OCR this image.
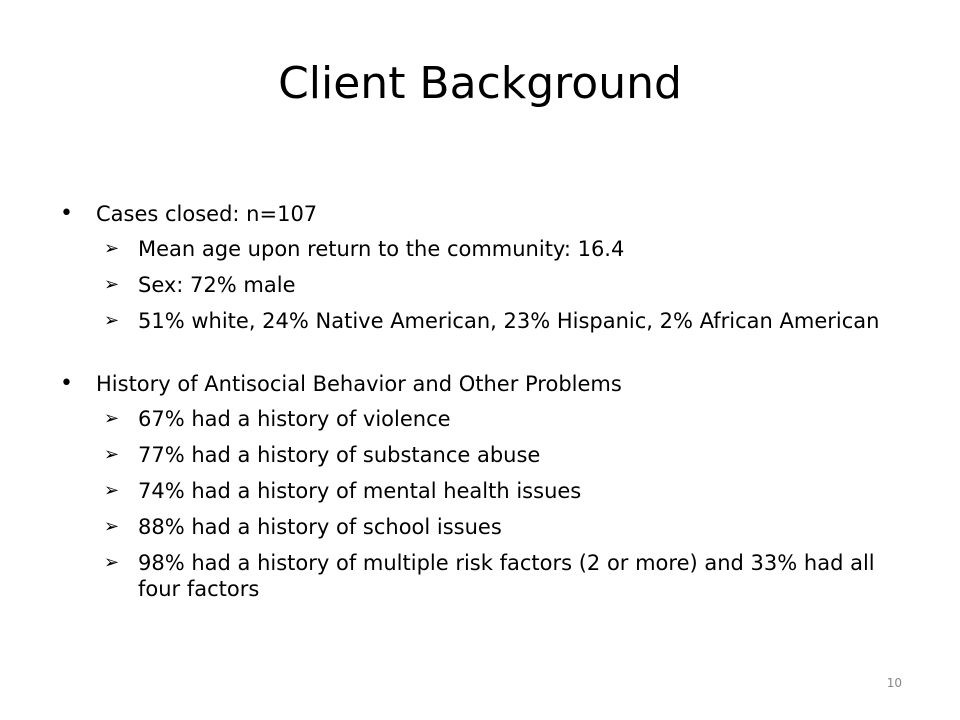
Client Background
•	Cases closed: n=107
➢ Mean age upon return to the community: 16.4
➢ Sex: 72% male
➢ 51% white, 24% Native American, 23% Hispanic, 2% African American
•	History of Antisocial Behavior and Other Problems
➢ 67% had a history of violence
➢ 77% had a history of substance abuse
➢ 74% had a history of mental health issues
➢ 88% had a history of school issues
➢ 98% had a history of multiple risk factors (2 or more) and 33% had all four factors
10
